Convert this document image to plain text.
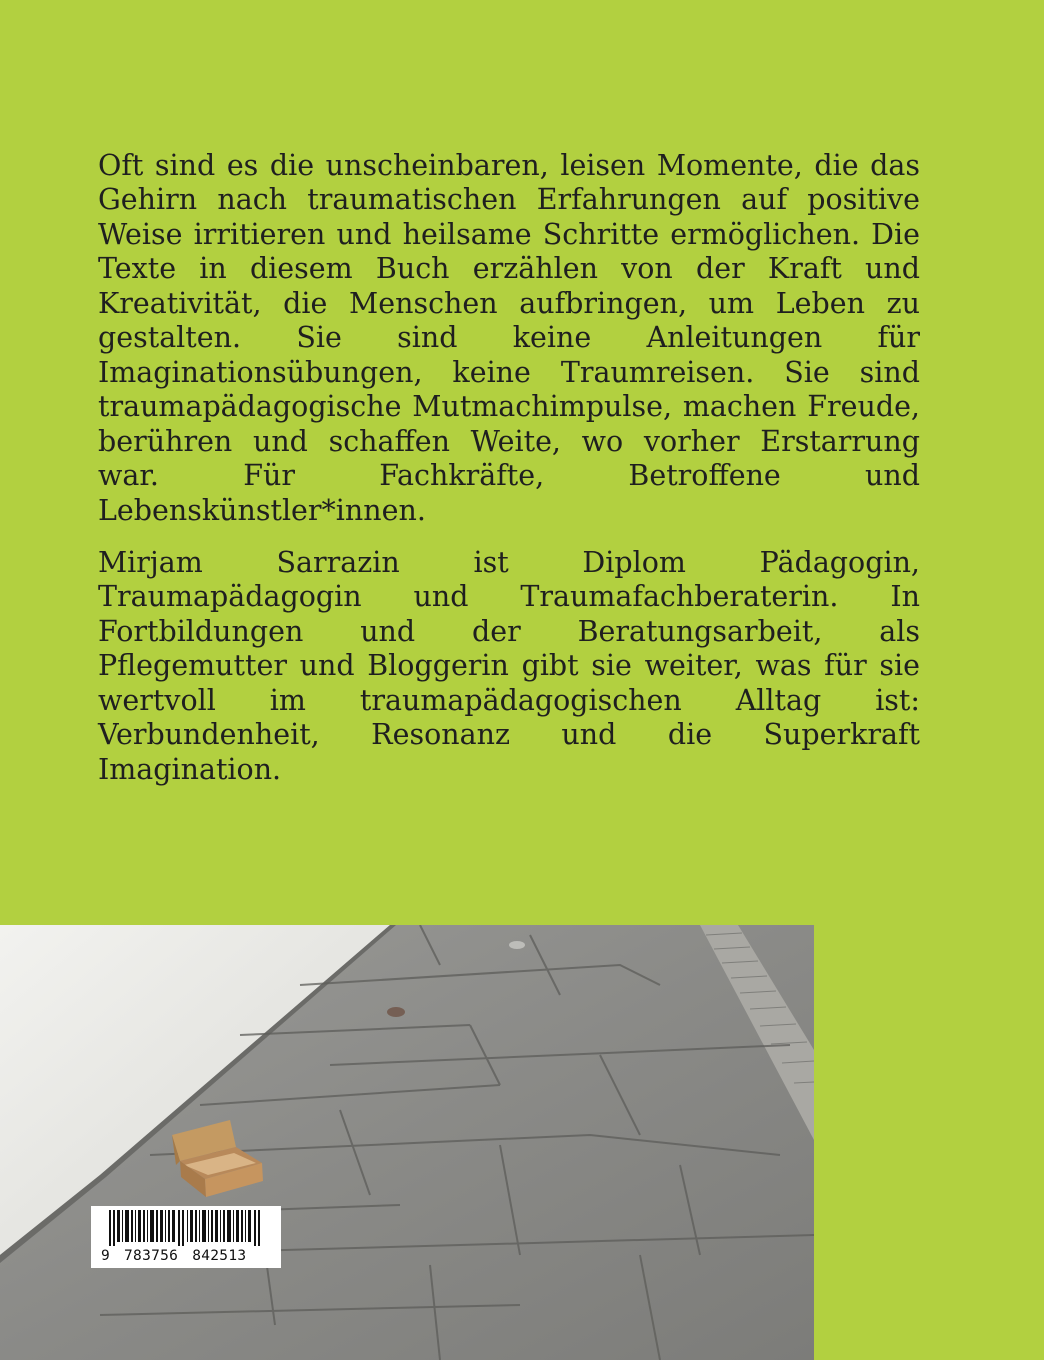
Oft sind es die unscheinbaren, leisen Momente, die das Gehirn nach traumatischen Erfahrungen auf positive Weise irritieren und heilsame Schritte ermöglichen. Die Texte in diesem Buch erzählen von der Kraft und Kreativität, die Menschen aufbringen, um Leben zu gestalten. Sie sind keine Anleitungen für Imaginationsübungen, keine Traumreisen. Sie sind traumapädagogische Mutmachimpulse, machen Freude, berühren und schaffen Weite, wo vorher Erstarrung war. Für Fachkräfte, Betroffene und Lebenskünstler*innen.

Mirjam Sarrazin ist Diplom Pädagogin, Traumapädagogin und Traumafachberaterin. In Fortbildungen und der Beratungsarbeit, als Pflegemutter und Bloggerin gibt sie weiter, was für sie wertvoll im traumapädagogischen Alltag ist: Verbundenheit, Resonanz und die Superkraft Imagination.

9 783756 842513
